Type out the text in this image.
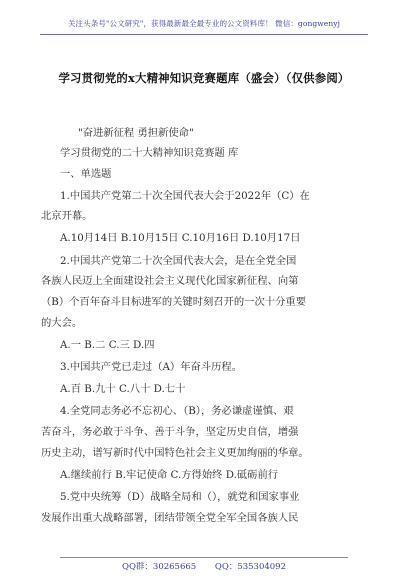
关注头条号"公文研究"，获得最新最全最专业的公文资料库！ 微信：gongwenyj
学习贯彻党的x大精神知识竞赛题库（盛会）（仅供参阅）
"奋进新征程 勇担新使命"
学习贯彻党的二十大精神知识竞赛题 库
一、单选题
1.中国共产党第二十次全国代表大会于2022年（C）在
北京开幕。
A.10月14日 B.10月15日 C.10月16日 D.10月17日
2.中国共产党第二十次全国代表大会，是在全党全国
各族人民迈上全面建设社会主义现代化国家新征程、向第
（B）个百年奋斗目标进军的关键时刻召开的一次十分重要
的大会。
A.一 B.二 C.三 D.四
3.中国共产党已走过（A）年奋斗历程。
A.百 B.九十 C.八十 D.七十
4.全党同志务必不忘初心、（B），务必谦虚谨慎、艰
苦奋斗，务必敢于斗争、善于斗争，坚定历史自信，增强
历史主动，谱写新时代中国特色社会主义更加绚丽的华章。
A.继续前行 B.牢记使命 C.方得始终 D.砥砺前行
5.党中央统筹（D）战略全局和（），就党和国家事业
发展作出重大战略部署，团结带领全党全军全国各族人民
QQ群：30265665 QQ：535304092
